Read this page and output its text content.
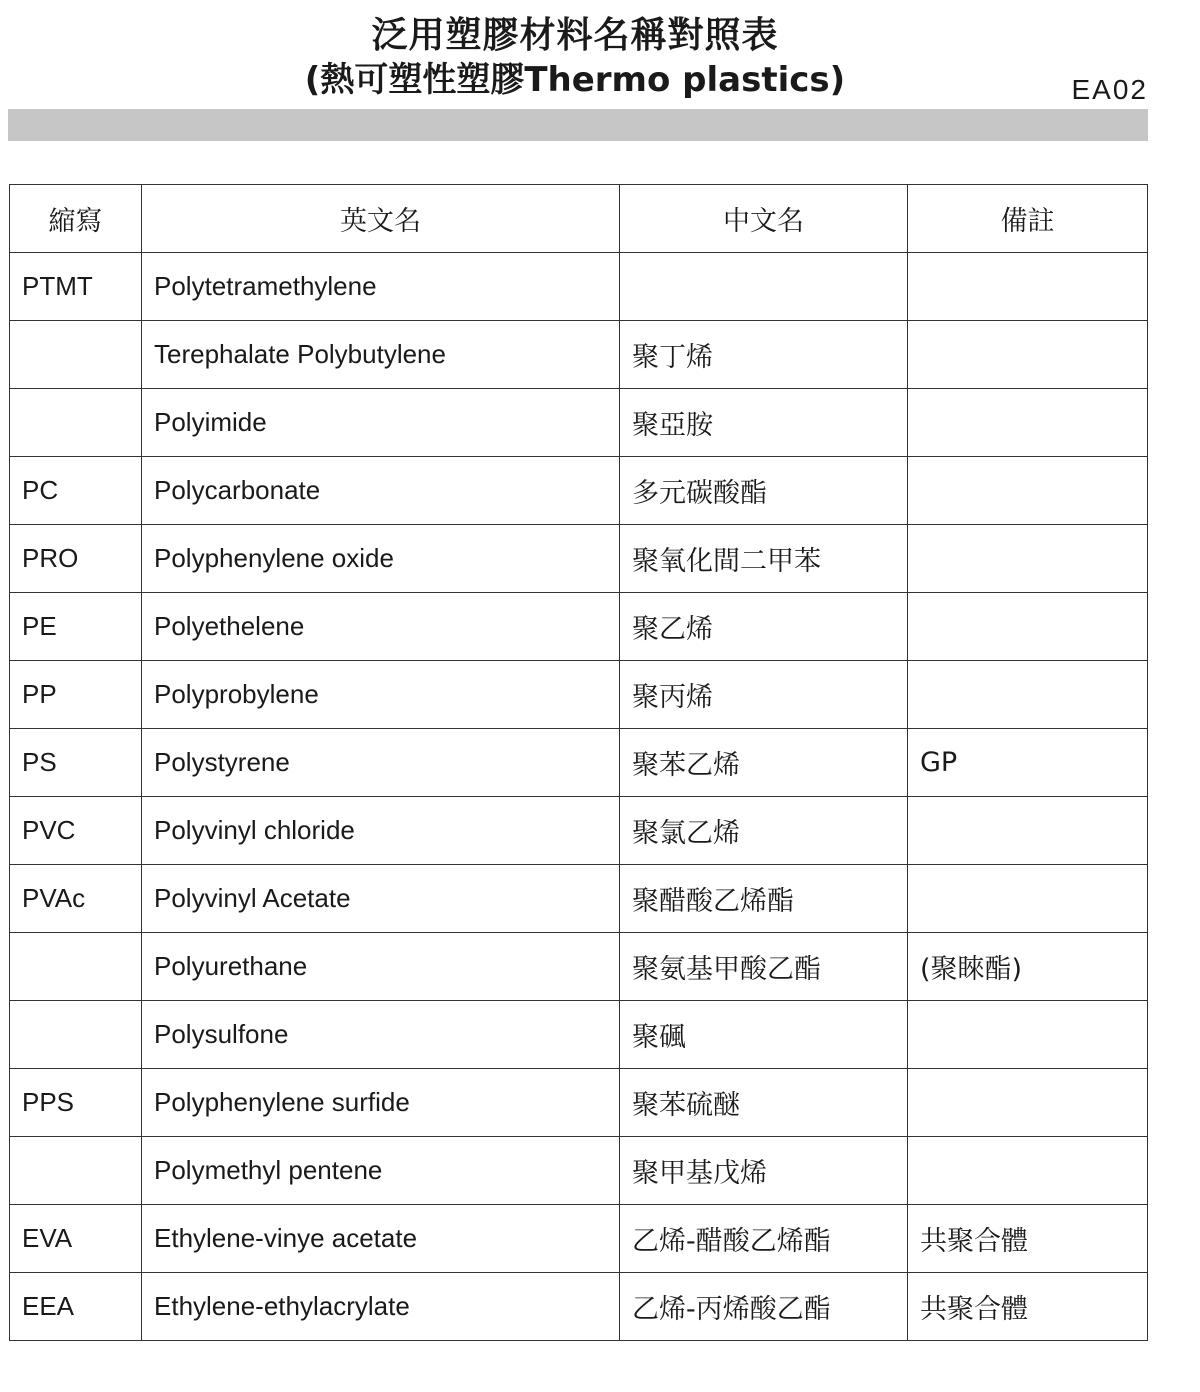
泛用塑膠材料名稱對照表
(熱可塑性塑膠Thermo plastics)	EA02
縮寫	英文名	中文名	備註
PTMT	Polytetramethylene		
	Terephalate Polybutylene	聚丁烯	
	Polyimide	聚亞胺	
PC	Polycarbonate	多元碳酸酯	
PRO	Polyphenylene oxide	聚氧化間二甲苯	
PE	Polyethelene	聚乙烯	
PP	Polyprobylene	聚丙烯	
PS	Polystyrene	聚苯乙烯	GP
PVC	Polyvinyl chloride	聚氯乙烯	
PVAc	Polyvinyl Acetate	聚醋酸乙烯酯	
	Polyurethane	聚氨基甲酸乙酯	(聚睞酯)
	Polysulfone	聚碸	
PPS	Polyphenylene surfide	聚苯硫醚	
	Polymethyl pentene	聚甲基戊烯	
EVA	Ethylene-vinye acetate	乙烯-醋酸乙烯酯	共聚合體
EEA	Ethylene-ethylacrylate	乙烯-丙烯酸乙酯	共聚合體
